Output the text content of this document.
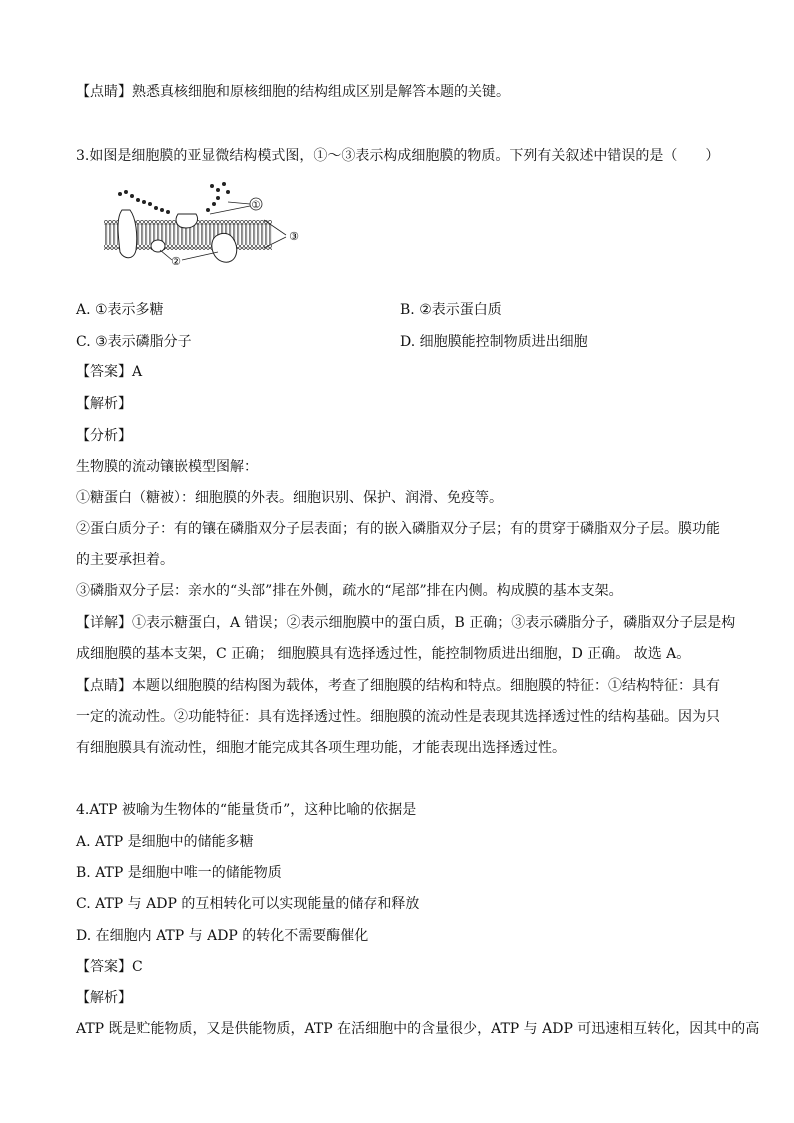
【点睛】熟悉真核细胞和原核细胞的结构组成区别是解答本题的关键。
3.如图是细胞膜的亚显微结构模式图，①～③表示构成细胞膜的物质。下列有关叙述中错误的是（　　）
①
②
③
A. ①表示多糖	B. ②表示蛋白质
C. ③表示磷脂分子	D. 细胞膜能控制物质进出细胞
【答案】A
【解析】
【分析】
生物膜的流动镶嵌模型图解：
①糖蛋白（糖被）：细胞膜的外表。细胞识别、保护、润滑、免疫等。
②蛋白质分子：有的镶在磷脂双分子层表面；有的嵌入磷脂双分子层；有的贯穿于磷脂双分子层。膜功能
的主要承担着。
③磷脂双分子层：亲水的“头部”排在外侧，疏水的“尾部”排在内侧。构成膜的基本支架。
【详解】①表示糖蛋白，A 错误；②表示细胞膜中的蛋白质，B 正确；③表示磷脂分子，磷脂双分子层是构
成细胞膜的基本支架，C 正确； 细胞膜具有选择透过性，能控制物质进出细胞，D 正确。 故选 A。
【点睛】本题以细胞膜的结构图为载体，考查了细胞膜的结构和特点。细胞膜的特征：①结构特征：具有
一定的流动性。②功能特征：具有选择透过性。细胞膜的流动性是表现其选择透过性的结构基础。因为只
有细胞膜具有流动性，细胞才能完成其各项生理功能，才能表现出选择透过性。
4.ATP 被喻为生物体的“能量货币”，这种比喻的依据是
A. ATP 是细胞中的储能多糖
B. ATP 是细胞中唯一的储能物质
C. ATP 与 ADP 的互相转化可以实现能量的储存和释放
D. 在细胞内 ATP 与 ADP 的转化不需要酶催化
【答案】C
【解析】
ATP 既是贮能物质，又是供能物质，ATP 在活细胞中的含量很少，ATP 与 ADP 可迅速相互转化，因其中的高
